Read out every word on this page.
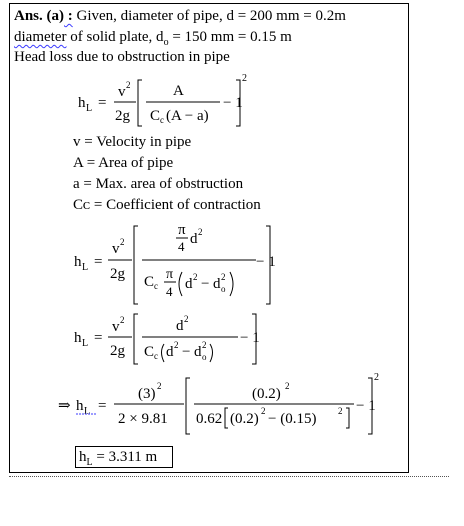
Ans. (a) : Given, diameter of pipe, d = 200 mm = 0.2m
diameter of solid plate, $d_o = 150$ mm = 0.15 m
Head loss due to obstruction in pipe
h L =
v 2
2g
A
C c (A − a)
− 1
2
v = Velocity in pipe
A = Area of pipe
a = Max. area of obstruction
Cᴄ = Coefficient of contraction
h L =
v 2
2g
π
4 d 2
C c
π
4 d 2 − d 2
o
− 1
h L =
v 2
2g
d 2
C c d 2 − d 2
o
− 1
⇒ h L =
(3) 2
2 × 9.81
(0.2) 2
0.62 (0.2) 2 − (0.15) 2 − 1
2
$h_L = 3.311$ m
